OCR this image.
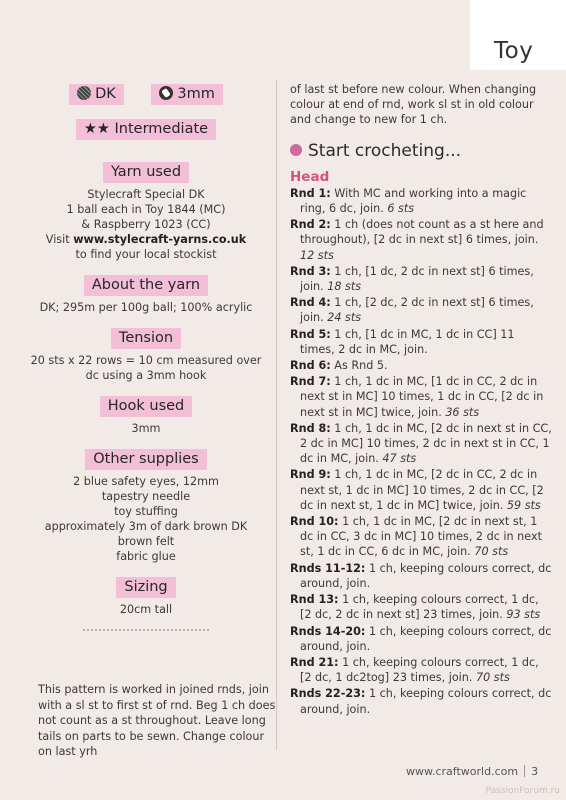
Toy
DK	3mm
★★ Intermediate
Yarn used
Stylecraft Special DK
1 ball each in Toy 1844 (MC)
& Raspberry 1023 (CC)
Visit www.stylecraft-yarns.co.uk
to find your local stockist
About the yarn
DK; 295m per 100g ball; 100% acrylic
Tension
20 sts x 22 rows = 10 cm measured over
dc using a 3mm hook
Hook used
3mm
Other supplies
2 blue safety eyes, 12mm
tapestry needle
toy stuffing
approximately 3m of dark brown DK
brown felt
fabric glue
Sizing
20cm tall
This pattern is worked in joined rnds, join with a sl st to first st of rnd. Beg 1 ch does not count as a st throughout. Leave long tails on parts to be sewn. Change colour on last yrh
of last st before new colour. When changing colour at end of rnd, work sl st in old colour and change to new for 1 ch.
Start crocheting...
Head
Rnd 1: With MC and working into a magic ring, 6 dc, join. 6 sts
Rnd 2: 1 ch (does not count as a st here and throughout), [2 dc in next st] 6 times, join. 12 sts
Rnd 3: 1 ch, [1 dc, 2 dc in next st] 6 times, join. 18 sts
Rnd 4: 1 ch, [2 dc, 2 dc in next st] 6 times, join. 24 sts
Rnd 5: 1 ch, [1 dc in MC, 1 dc in CC] 11 times, 2 dc in MC, join.
Rnd 6: As Rnd 5.
Rnd 7: 1 ch, 1 dc in MC, [1 dc in CC, 2 dc in next st in MC] 10 times, 1 dc in CC, [2 dc in next st in MC] twice, join. 36 sts
Rnd 8: 1 ch, 1 dc in MC, [2 dc in next st in CC, 2 dc in MC] 10 times, 2 dc in next st in CC, 1 dc in MC, join. 47 sts
Rnd 9: 1 ch, 1 dc in MC, [2 dc in CC, 2 dc in next st, 1 dc in MC] 10 times, 2 dc in CC, [2 dc in next st, 1 dc in MC] twice, join. 59 sts
Rnd 10: 1 ch, 1 dc in MC, [2 dc in next st, 1 dc in CC, 3 dc in MC] 10 times, 2 dc in next st, 1 dc in CC, 6 dc in MC, join. 70 sts
Rnds 11-12: 1 ch, keeping colours correct, dc around, join.
Rnd 13: 1 ch, keeping colours correct, 1 dc, [2 dc, 2 dc in next st] 23 times, join. 93 sts
Rnds 14-20: 1 ch, keeping colours correct, dc around, join.
Rnd 21: 1 ch, keeping colours correct, 1 dc, [2 dc, 1 dc2tog] 23 times, join. 70 sts
Rnds 22-23: 1 ch, keeping colours correct, dc around, join.
www.craftworld.com 3
PassionForum.ru
